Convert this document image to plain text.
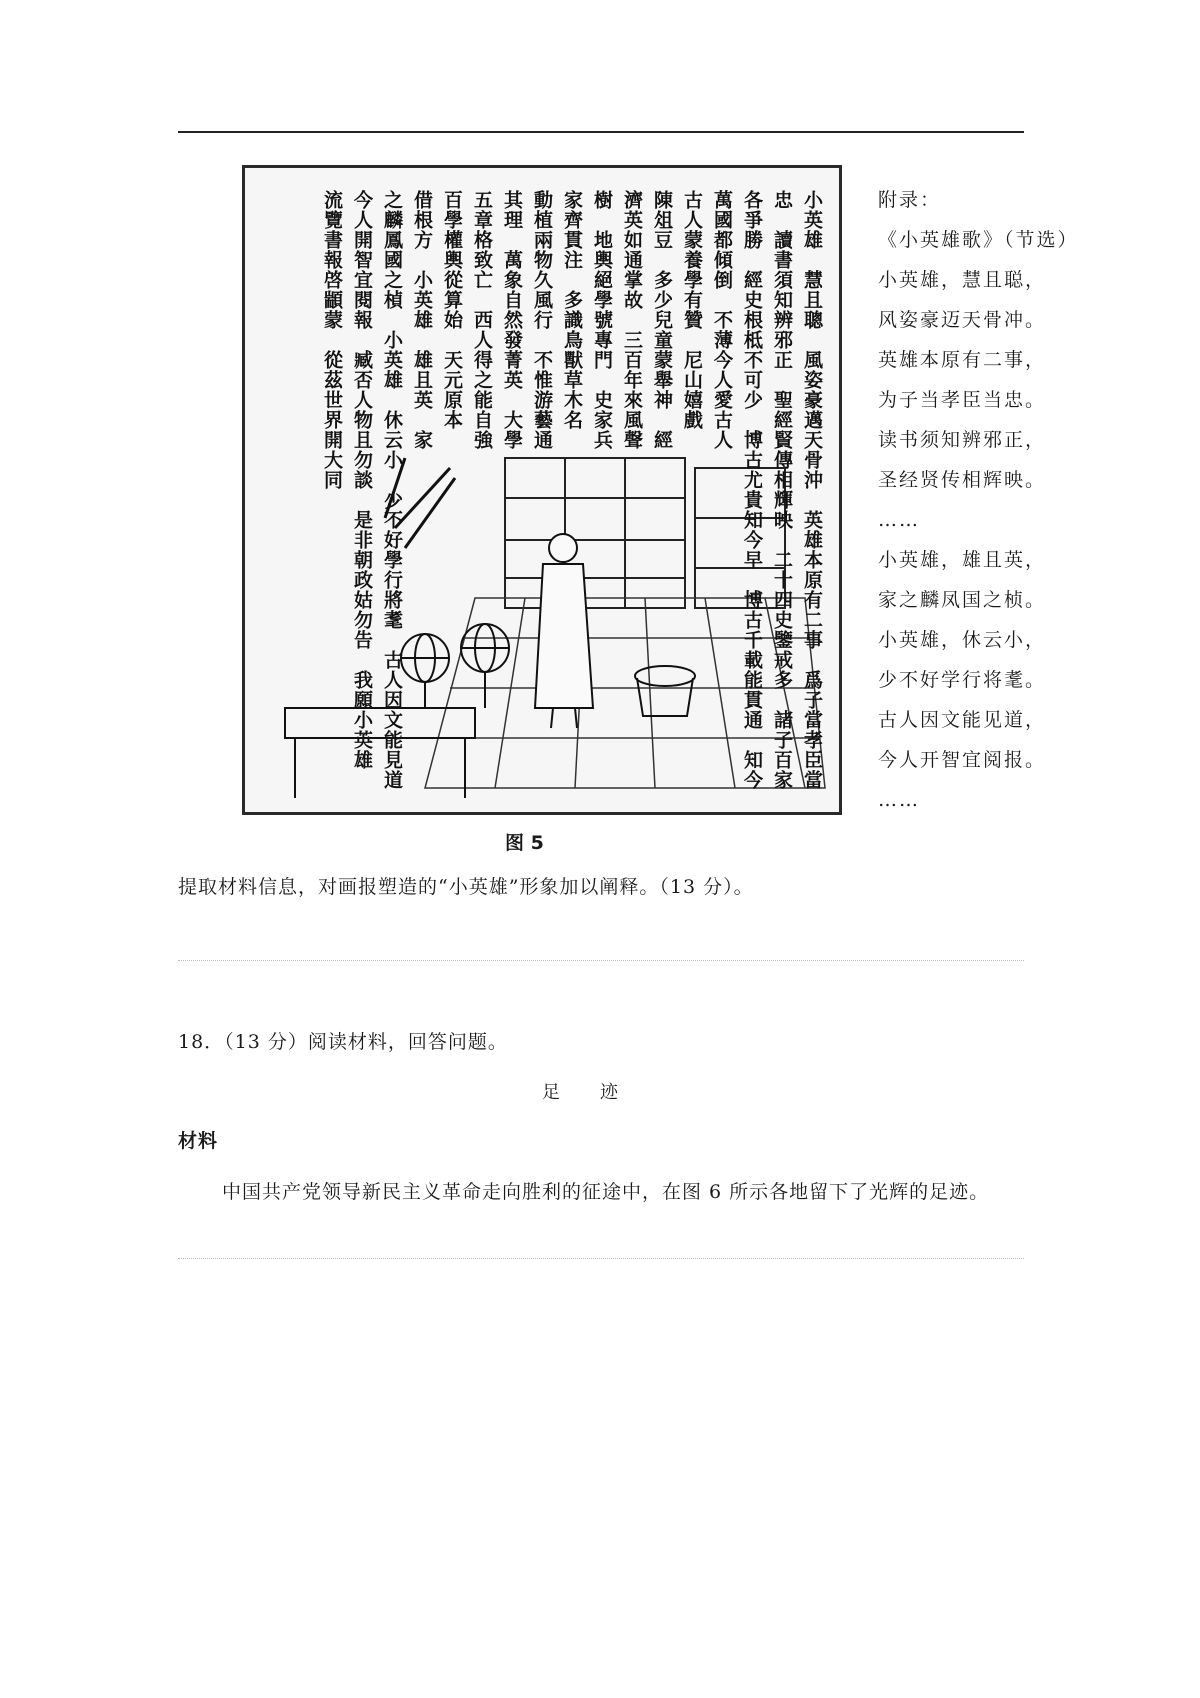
小英雄　慧且聰　風姿豪邁天骨沖　英雄本原有二事　爲子當孝臣當
忠　讀書須知辨邪正　聖經賢傳相輝映　二十四史鑒戒多　諸子百家
各爭勝　經史根柢不可少　博古尤貴知今早　博古千載能貫通　知今
萬國都傾倒　不薄今人愛古人
古人蒙養學有贊　尼山嬉戲
陳俎豆　多少兒童蒙舉神　經
濟英如通掌故　三百年來風聲
樹　地輿絕學號專門　史家兵
家齊貫注　多識鳥獸草木名
動植兩物久風行　不惟游藝通
其理　萬象自然發菁英　大學
五章格致亡　西人得之能自強
百學權輿從算始　天元原本
借根方　小英雄　雄且英　家
之麟鳳國之楨　小英雄　休云小　少不好學行將耄　古人因文能見道
今人開智宜閱報　臧否人物且勿談　是非朝政姑勿告　我願小英雄
流覽書報啓顓蒙　從茲世界開大同	附录：
《小英雄歌》（节选）
小英雄，慧且聪，
风姿豪迈天骨冲。
英雄本原有二事，
为子当孝臣当忠。
读书须知辨邪正，
圣经贤传相辉映。
……
小英雄，雄且英，
家之麟凤国之桢。
小英雄，休云小，
少不好学行将耄。
古人因文能见道，
今人开智宜阅报。
……
图 5
提取材料信息，对画报塑造的“小英雄”形象加以阐释。（13 分）。
18．（13 分）阅读材料，回答问题。
足迹
材料
中国共产党领导新民主义革命走向胜利的征途中，在图 6 所示各地留下了光辉的足迹。
